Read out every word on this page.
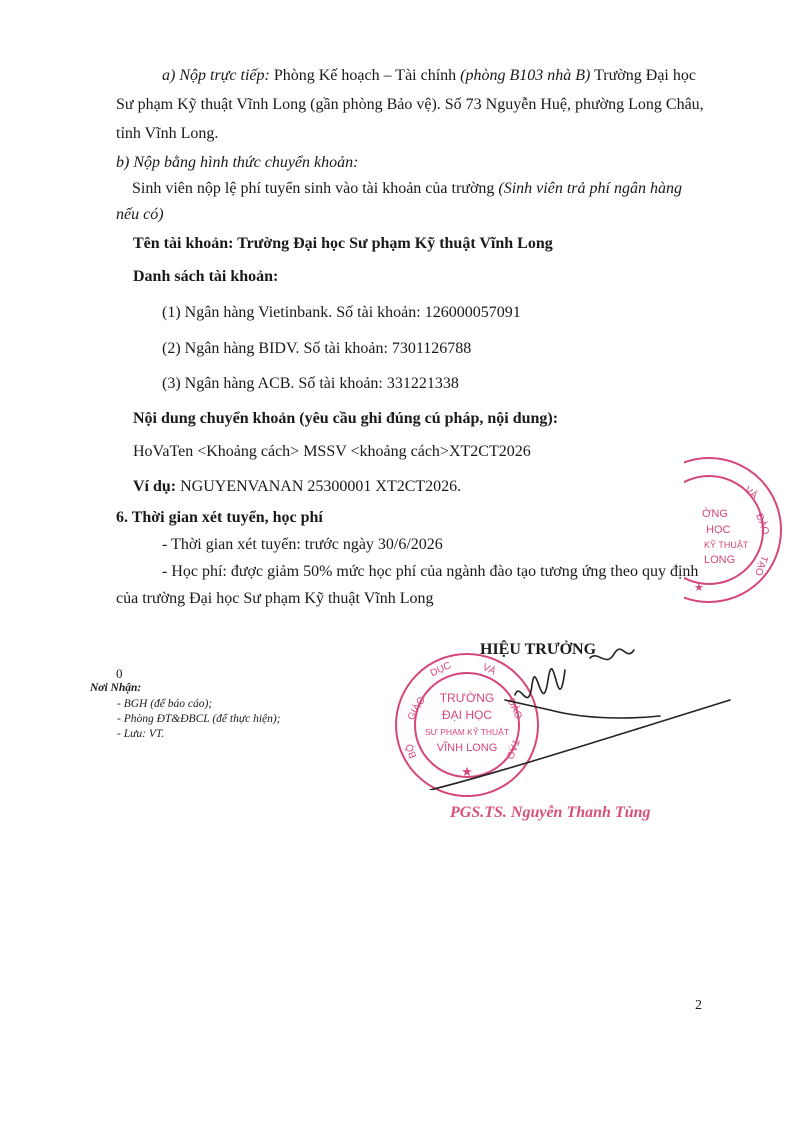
a) Nộp trực tiếp: Phòng Kế hoạch – Tài chính (phòng B103 nhà B) Trường Đại học
Sư phạm Kỹ thuật Vĩnh Long (gần phòng Bảo vệ). Số 73 Nguyễn Huệ, phường Long Châu,
tỉnh Vĩnh Long.
b) Nộp bằng hình thức chuyển khoản:
Sinh viên nộp lệ phí tuyển sinh vào tài khoản của trường (Sinh viên trả phí ngân hàng
nếu có)
Tên tài khoản: Trường Đại học Sư phạm Kỹ thuật Vĩnh Long
Danh sách tài khoản:
(1) Ngân hàng Vietinbank. Số tài khoản: 126000057091
(2) Ngân hàng BIDV. Số tài khoản: 7301126788
(3) Ngân hàng ACB. Số tài khoản: 331221338
Nội dung chuyển khoản (yêu cầu ghi đúng cú pháp, nội dung):
HoVaTen <Khoảng cách> MSSV <khoảng cách>XT2CT2026
Ví dụ: NGUYENVANAN 25300001 XT2CT2026.
6. Thời gian xét tuyển, học phí
- Thời gian xét tuyển: trước ngày 30/6/2026
- Học phí: được giảm 50% mức học phí của ngành đào tạo tương ứng theo quy định
của trường Đại học Sư phạm Kỹ thuật Vĩnh Long
ỜNG
HỌC
KỸ THUẬT
LONG
VÀ
ĐÀO
TẠO
★
0
Nơi Nhận:
- BGH (để báo cáo);
- Phòng ĐT&ĐBCL (để thực hiện);
- Lưu: VT.
HIỆU TRƯỞNG
TRƯỜNG
ĐẠI HỌC
SƯ PHẠM KỸ THUẬT
VĨNH LONG
★
GIÁO
DỤC	VÀ
ĐÀO
TẠO
BỘ
PGS.TS. Nguyễn Thanh Tùng
2
